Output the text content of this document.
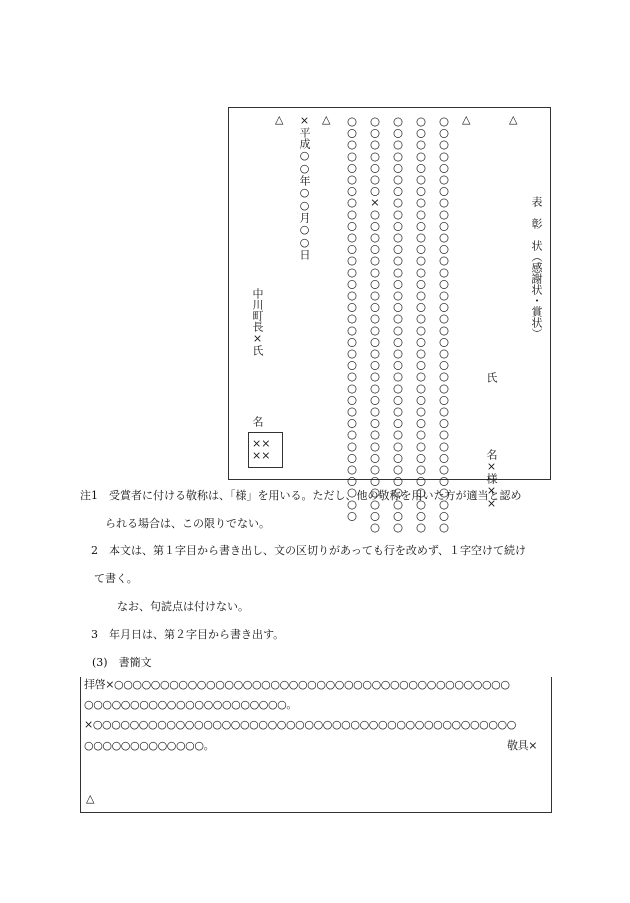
△	△	△	△
表　彰　状（感謝状・賞状）

氏　　　　　　名×様××

○○○○○○○○○○○○○○○○○○○○○○○○○○○○○○○○○○○○
○○○○○○○○○○○○○○○○○○○○○○○○○○○○○○○○○○○○
○○○○○○○○○○○○○○○○○○○○○○○○○○○○○○○○○○○○
○○○○○○○×○○○○○○○○○○○○○○○○○○○○○○○○○○○○
○○○○○○○○○○○○○○○○○○○○○○○○○○○○○○○○○○○
×平成○○年○○月○○日
中川町長×氏
名
××
××
注1　受賞者に付ける敬称は、「様」を用いる。ただし、他の敬称を用いた方が適当と認め
られる場合は、この限りでない。
2　本文は、第１字目から書き出し、文の区切りがあっても行を改めず、１字空けて続け
て書く。
なお、句読点は付けない。
3　年月日は、第２字目から書き出す。
(3)　書簡文
拝啓×○○○○○○○○○○○○○○○○○○○○○○○○○○○○○○○○○○○○○○○○○○○
○○○○○○○○○○○○○○○○○○○○○○。
×○○○○○○○○○○○○○○○○○○○○○○○○○○○○○○○○○○○○○○○○○○○○○○
○○○○○○○○○○○○○。	敬具×
△
